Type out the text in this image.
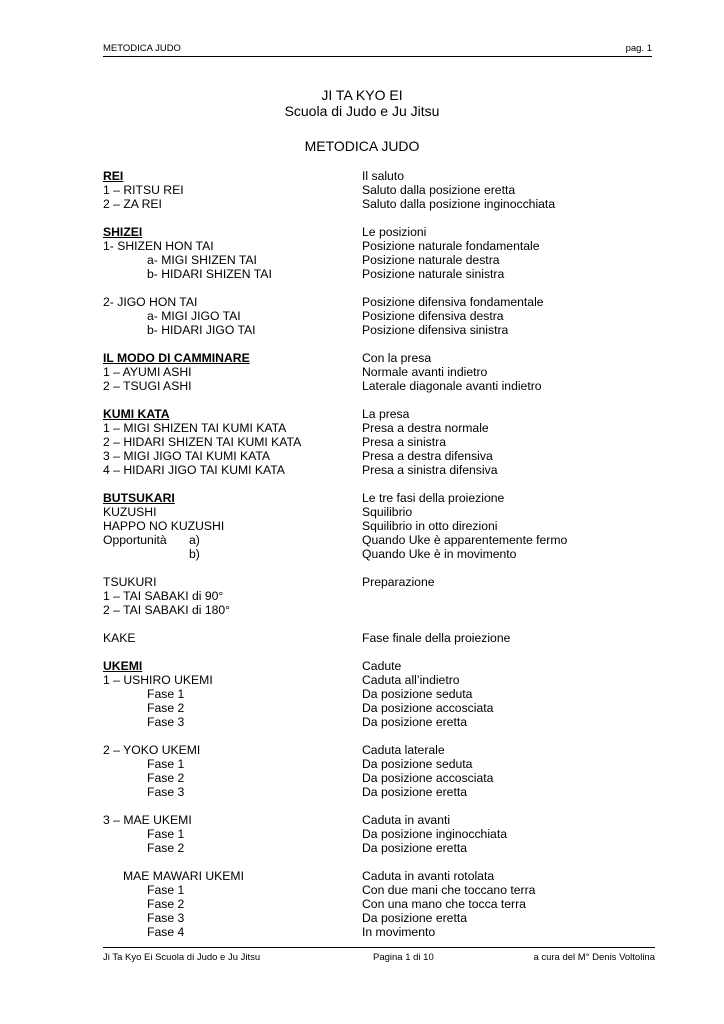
METODICA JUDO	pag. 1
JI TA KYO EI
Scuola di Judo e Ju Jitsu
METODICA JUDO
REI	Il saluto
1 – RITSU REI	Saluto dalla posizione eretta
2 – ZA REI	Saluto dalla posizione inginocchiata
SHIZEI	Le posizioni
1- SHIZEN HON TAI	Posizione naturale fondamentale
a- MIGI SHIZEN TAI	Posizione naturale destra
b- HIDARI SHIZEN TAI	Posizione naturale sinistra
2- JIGO HON TAI	Posizione difensiva fondamentale
a- MIGI JIGO TAI	Posizione difensiva destra
b- HIDARI JIGO TAI	Posizione difensiva sinistra
IL MODO DI CAMMINARE	Con la presa
1 – AYUMI ASHI	Normale avanti indietro
2 – TSUGI ASHI	Laterale diagonale avanti indietro
KUMI KATA	La presa
1 – MIGI SHIZEN TAI KUMI KATA	Presa a destra normale
2 – HIDARI SHIZEN TAI KUMI KATA	Presa a sinistra
3 – MIGI JIGO TAI KUMI KATA	Presa a destra difensiva
4 – HIDARI JIGO TAI KUMI KATA	Presa a sinistra difensiva
BUTSUKARI	Le tre fasi della proiezione
KUZUSHI	Squilibrio
HAPPO NO KUZUSHI	Squilibrio in otto direzioni
Opportunità a)	Quando Uke è apparentemente fermo
b)	Quando Uke è in movimento
TSUKURI	Preparazione
1 – TAI SABAKI di 90°
2 – TAI SABAKI di 180°
KAKE	Fase finale della proiezione
UKEMI	Cadute
1 – USHIRO UKEMI	Caduta all’indietro
Fase 1	Da posizione seduta
Fase 2	Da posizione accosciata
Fase 3	Da posizione eretta
2 – YOKO UKEMI	Caduta laterale
Fase 1	Da posizione seduta
Fase 2	Da posizione accosciata
Fase 3	Da posizione eretta
3 – MAE UKEMI	Caduta in avanti
Fase 1	Da posizione inginocchiata
Fase 2	Da posizione eretta
MAE MAWARI UKEMI	Caduta in avanti rotolata
Fase 1	Con due mani che toccano terra
Fase 2	Con una mano che tocca terra
Fase 3	Da posizione eretta
Fase 4	In movimento
Ji Ta Kyo Ei Scuola di Judo e Ju Jitsu	Pagina 1 di 10	a cura del M° Denis Voltolina
